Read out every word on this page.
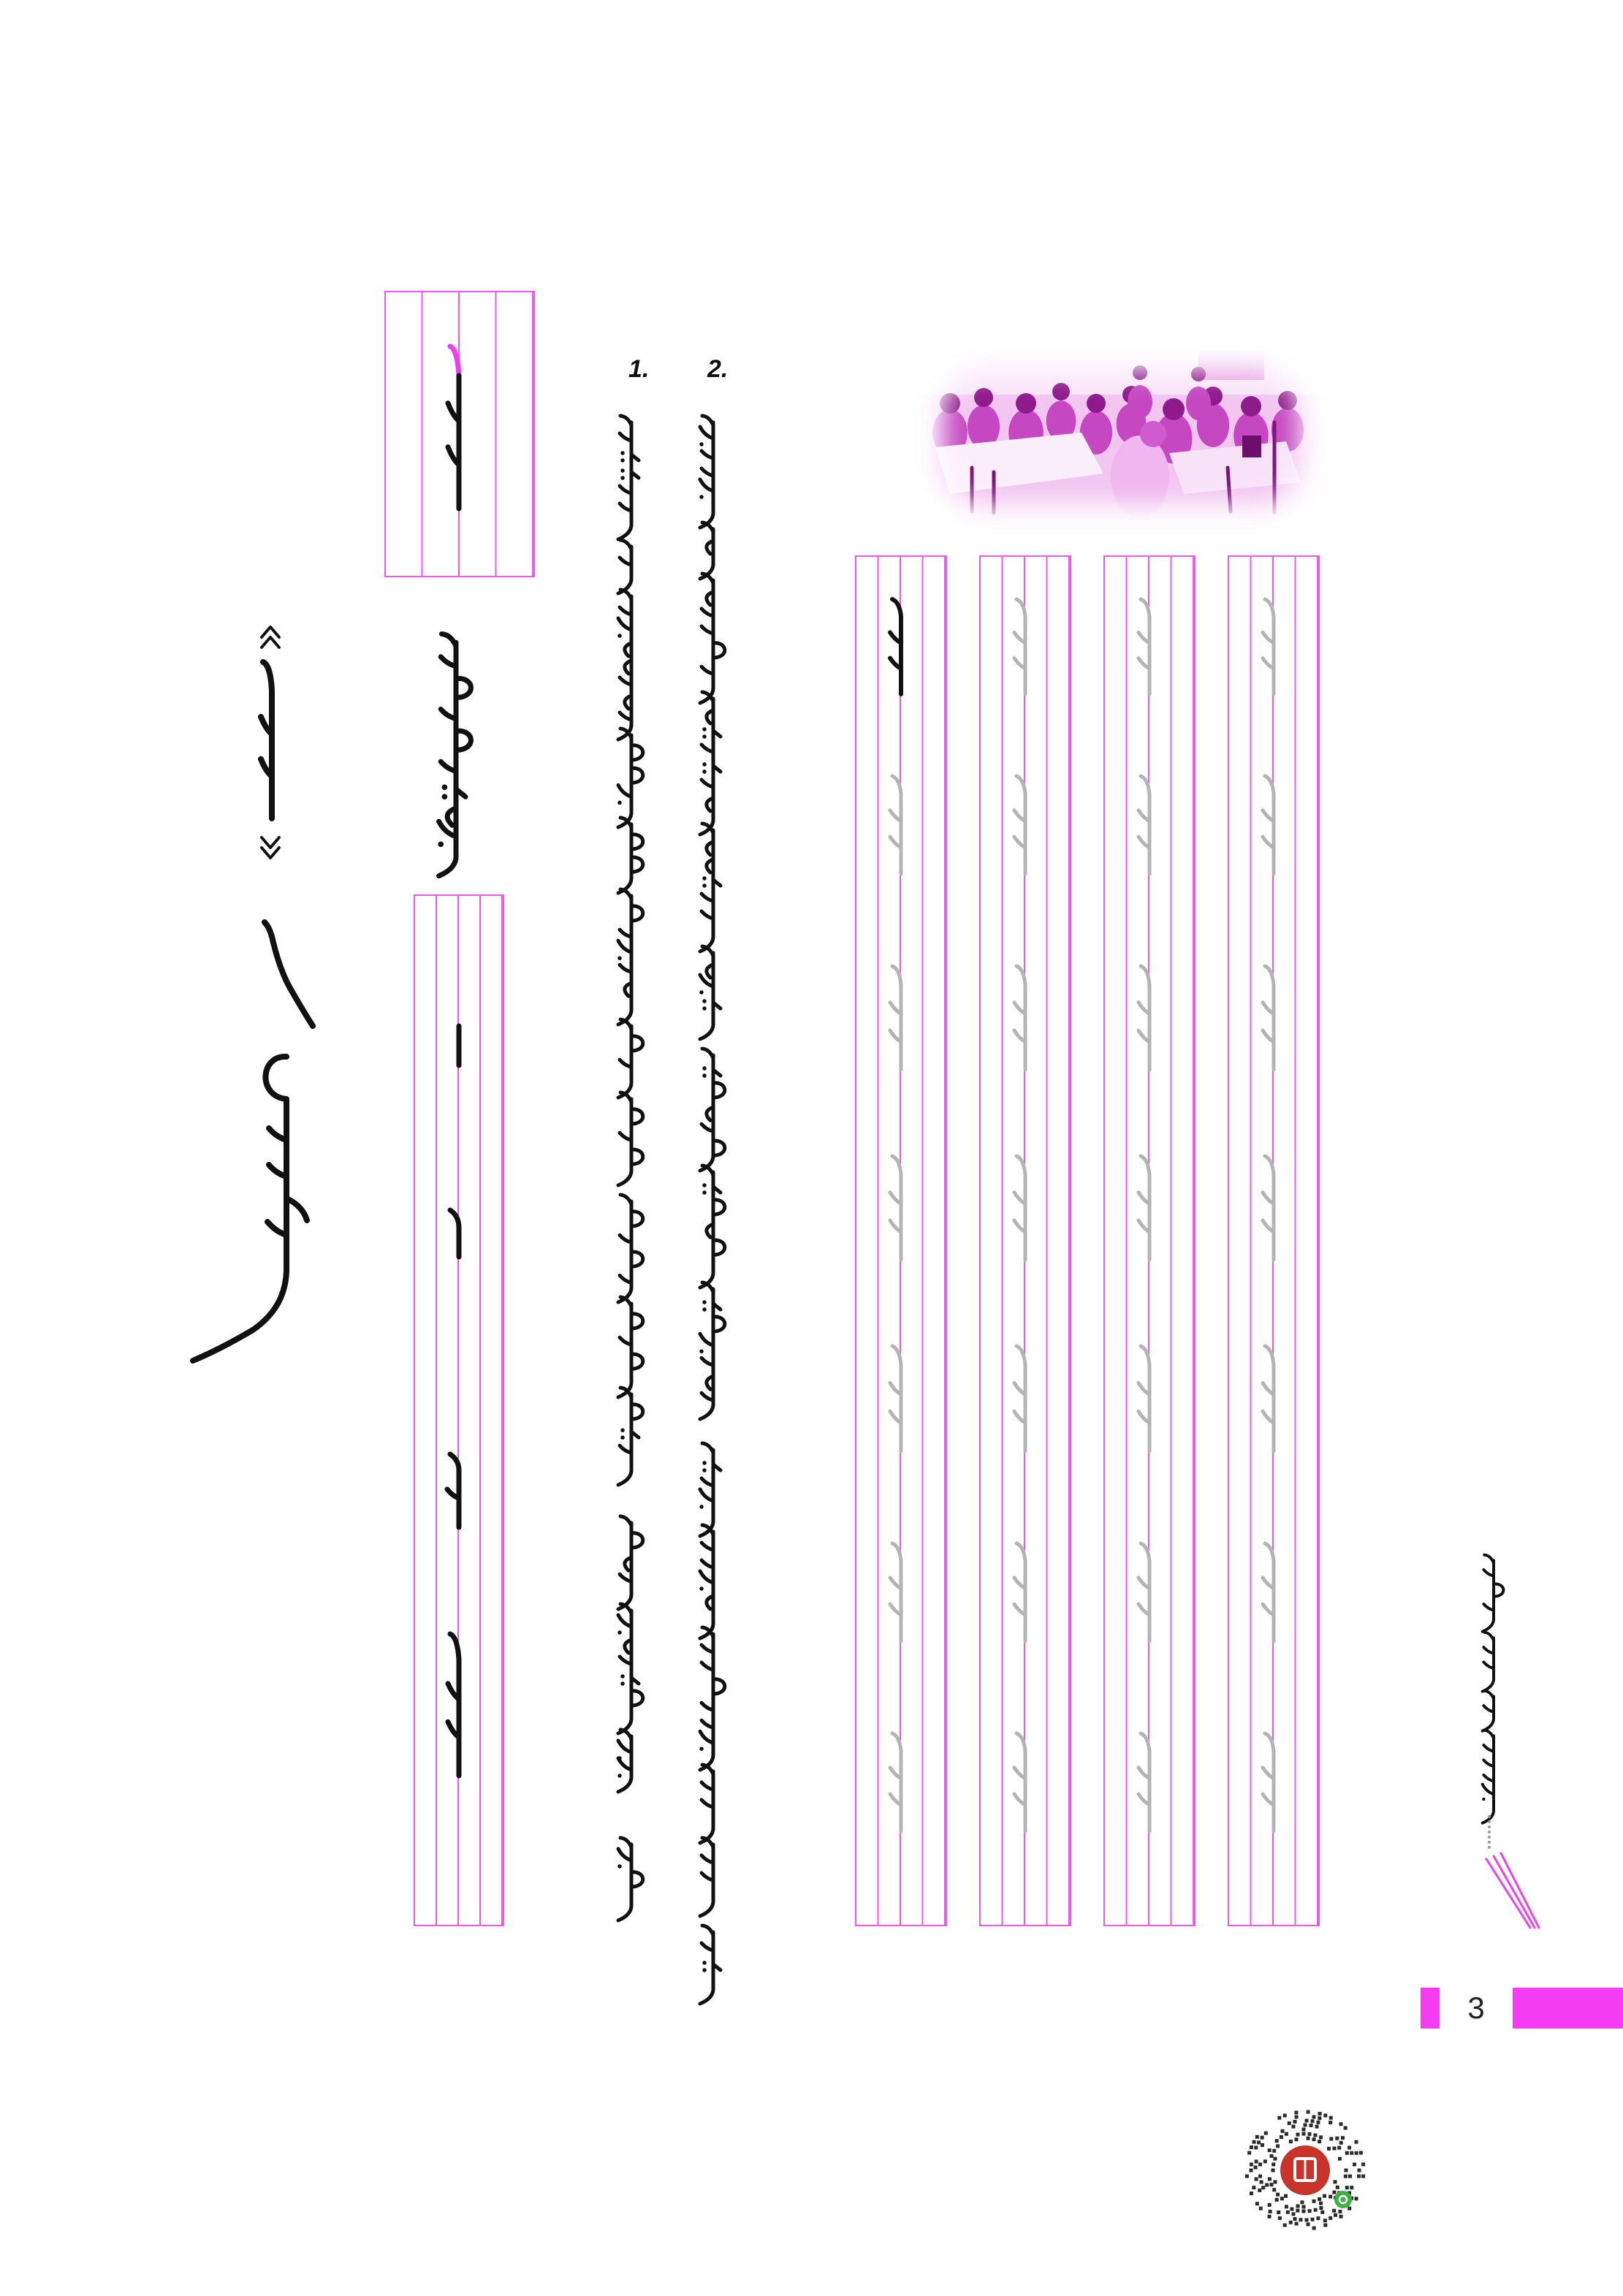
1. 2.
3
